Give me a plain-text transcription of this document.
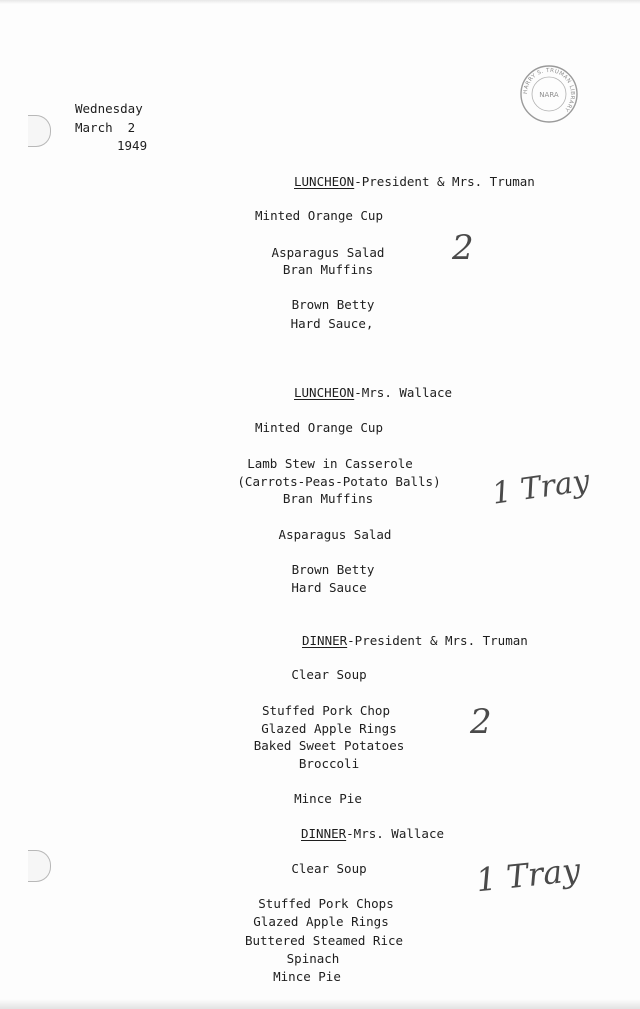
HARRY S. TRUMAN LIBRARY
NARA
Wednesday
March  2
1949
LUNCHEON-President & Mrs. Truman
Minted Orange Cup
Asparagus Salad
Bran Muffins
Brown Betty
Hard Sauce,
2
LUNCHEON-Mrs. Wallace
Minted Orange Cup
Lamb Stew in Casserole
(Carrots-Peas-Potato Balls)
Bran Muffins
Asparagus Salad
Brown Betty
Hard Sauce
1 Tray
DINNER-President & Mrs. Truman
Clear Soup
Stuffed Pork Chop
Glazed Apple Rings
Baked Sweet Potatoes
Broccoli
Mince Pie
2
DINNER-Mrs. Wallace
Clear Soup
Stuffed Pork Chops
Glazed Apple Rings
Buttered Steamed Rice
Spinach
Mince Pie
1 Tray
